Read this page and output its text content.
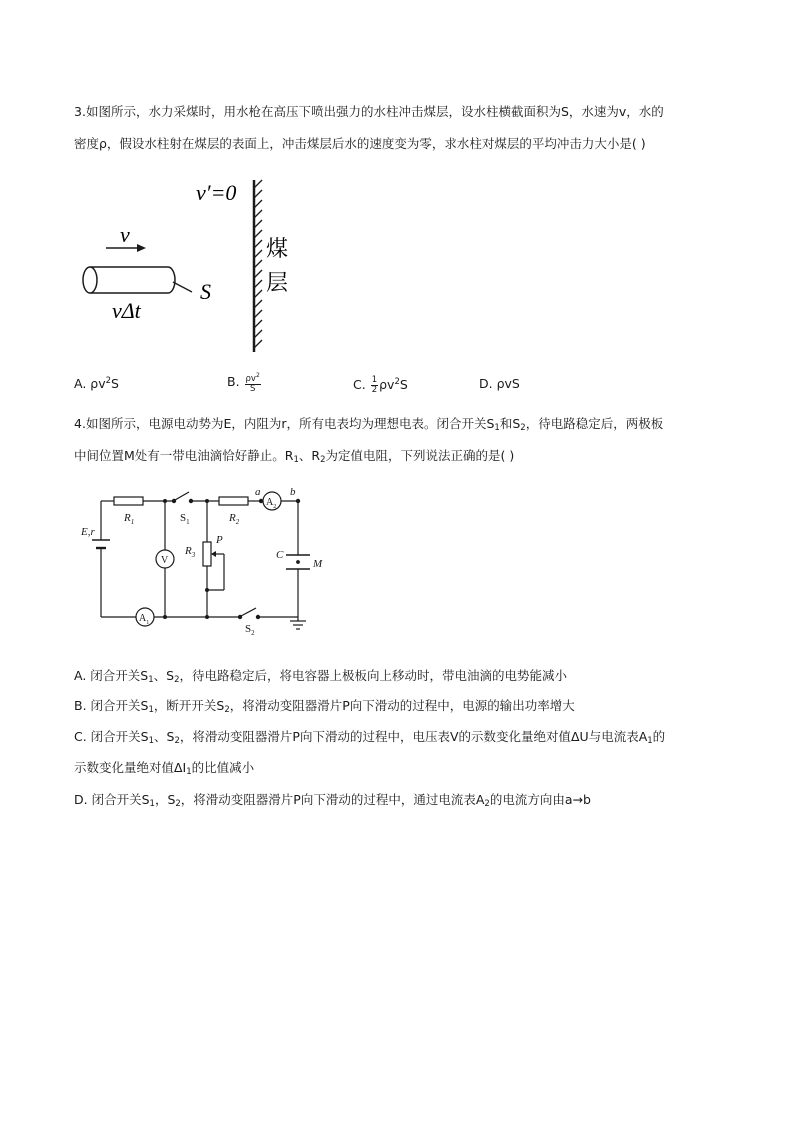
3.如图所示，水力采煤时，用水枪在高压下喷出强力的水柱冲击煤层，设水柱横截面积为S，水速为v，水的
密度ρ，假设水柱射在煤层的表面上，冲击煤层后水的速度变为零，求水柱对煤层的平均冲击力大小是( )
v′=0
煤
层
v
S
vΔt
A. $\rho v^2S$	B. $\frac{\rho v^2}{S}$	C. $\frac{1}{2} \rho v^2S$	D. ρvS
4.如图所示，电源电动势为E，内阻为r，所有电表均为理想电表。闭合开关$S_1$和$S_2$，待电路稳定后，两极板
中间位置M处有一带电油滴恰好静止。$R_1$、$R_2$为定值电阻，下列说法正确的是( )
$R_1$	$S_1$	$R_2$
a	b
$A_2$
E,r
V
$R_3$
P
C
M
$A_1$	$S_2$
A. 闭合开关$S_1$、$S_2$，待电路稳定后，将电容器上极板向上移动时，带电油滴的电势能减小
B. 闭合开关$S_1$，断开开关$S_2$，将滑动变阻器滑片P向下滑动的过程中，电源的输出功率增大
C. 闭合开关$S_1$、$S_2$，将滑动变阻器滑片P向下滑动的过程中，电压表V的示数变化量绝对值ΔU与电流表$A_1$的
示数变化量绝对值$\Delta I_1$的比值减小
D. 闭合开关$S_1$，$S_2$，将滑动变阻器滑片P向下滑动的过程中，通过电流表$A_2$的电流方向由a→b
